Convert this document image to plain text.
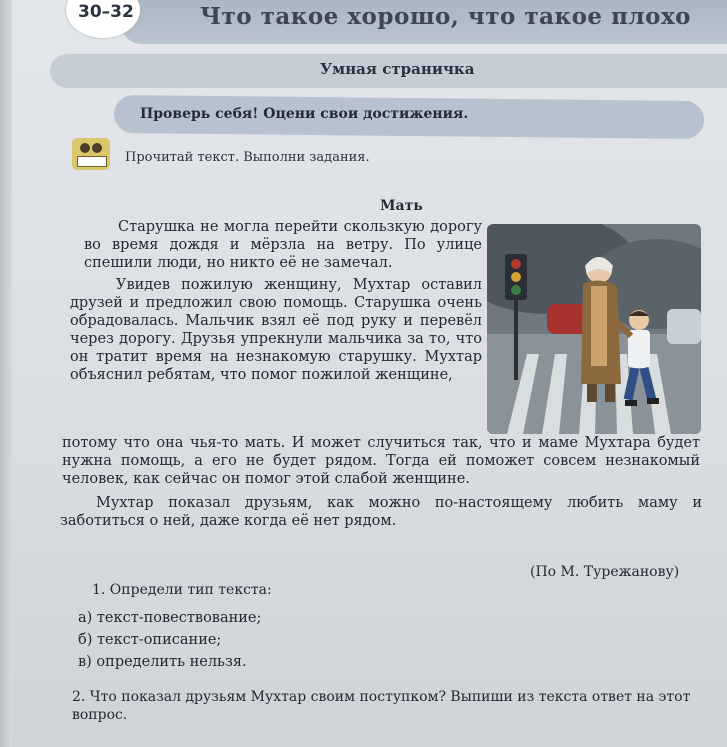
30–32	Что такое хорошо, что такое плохо
Умная страничка
Проверь себя! Оцени свои достижения.
Прочитай текст. Выполни задания.
Мать

Старушка не могла перейти скользкую дорогу во время дождя и мёрзла на ветру. По улице спешили люди, но никто её не замечал.

Увидев пожилую женщину, Мухтар оставил друзей и предложил свою помощь. Старушка очень обрадовалась. Мальчик взял её под руку и перевёл через дорогу. Друзья упрекнули мальчика за то, что он тратит время на незнакомую старушку. Мухтар объяснил ребятам, что помог пожилой женщине,

потому что она чья-то мать. И может случиться так, что и маме Мухтара будет нужна помощь, а его не будет рядом. Тогда ей поможет совсем незнакомый человек, как сейчас он помог этой слабой женщине.

Мухтар показал друзьям, как можно по-настоящему любить маму и заботиться о ней, даже когда её нет рядом.

(По М. Турежанову)
1. Определи тип текста:
а) текст-повествование;
б) текст-описание;
в) определить нельзя.
2. Что показал друзьям Мухтар своим поступком? Выпиши из текста ответ на этот вопрос.
